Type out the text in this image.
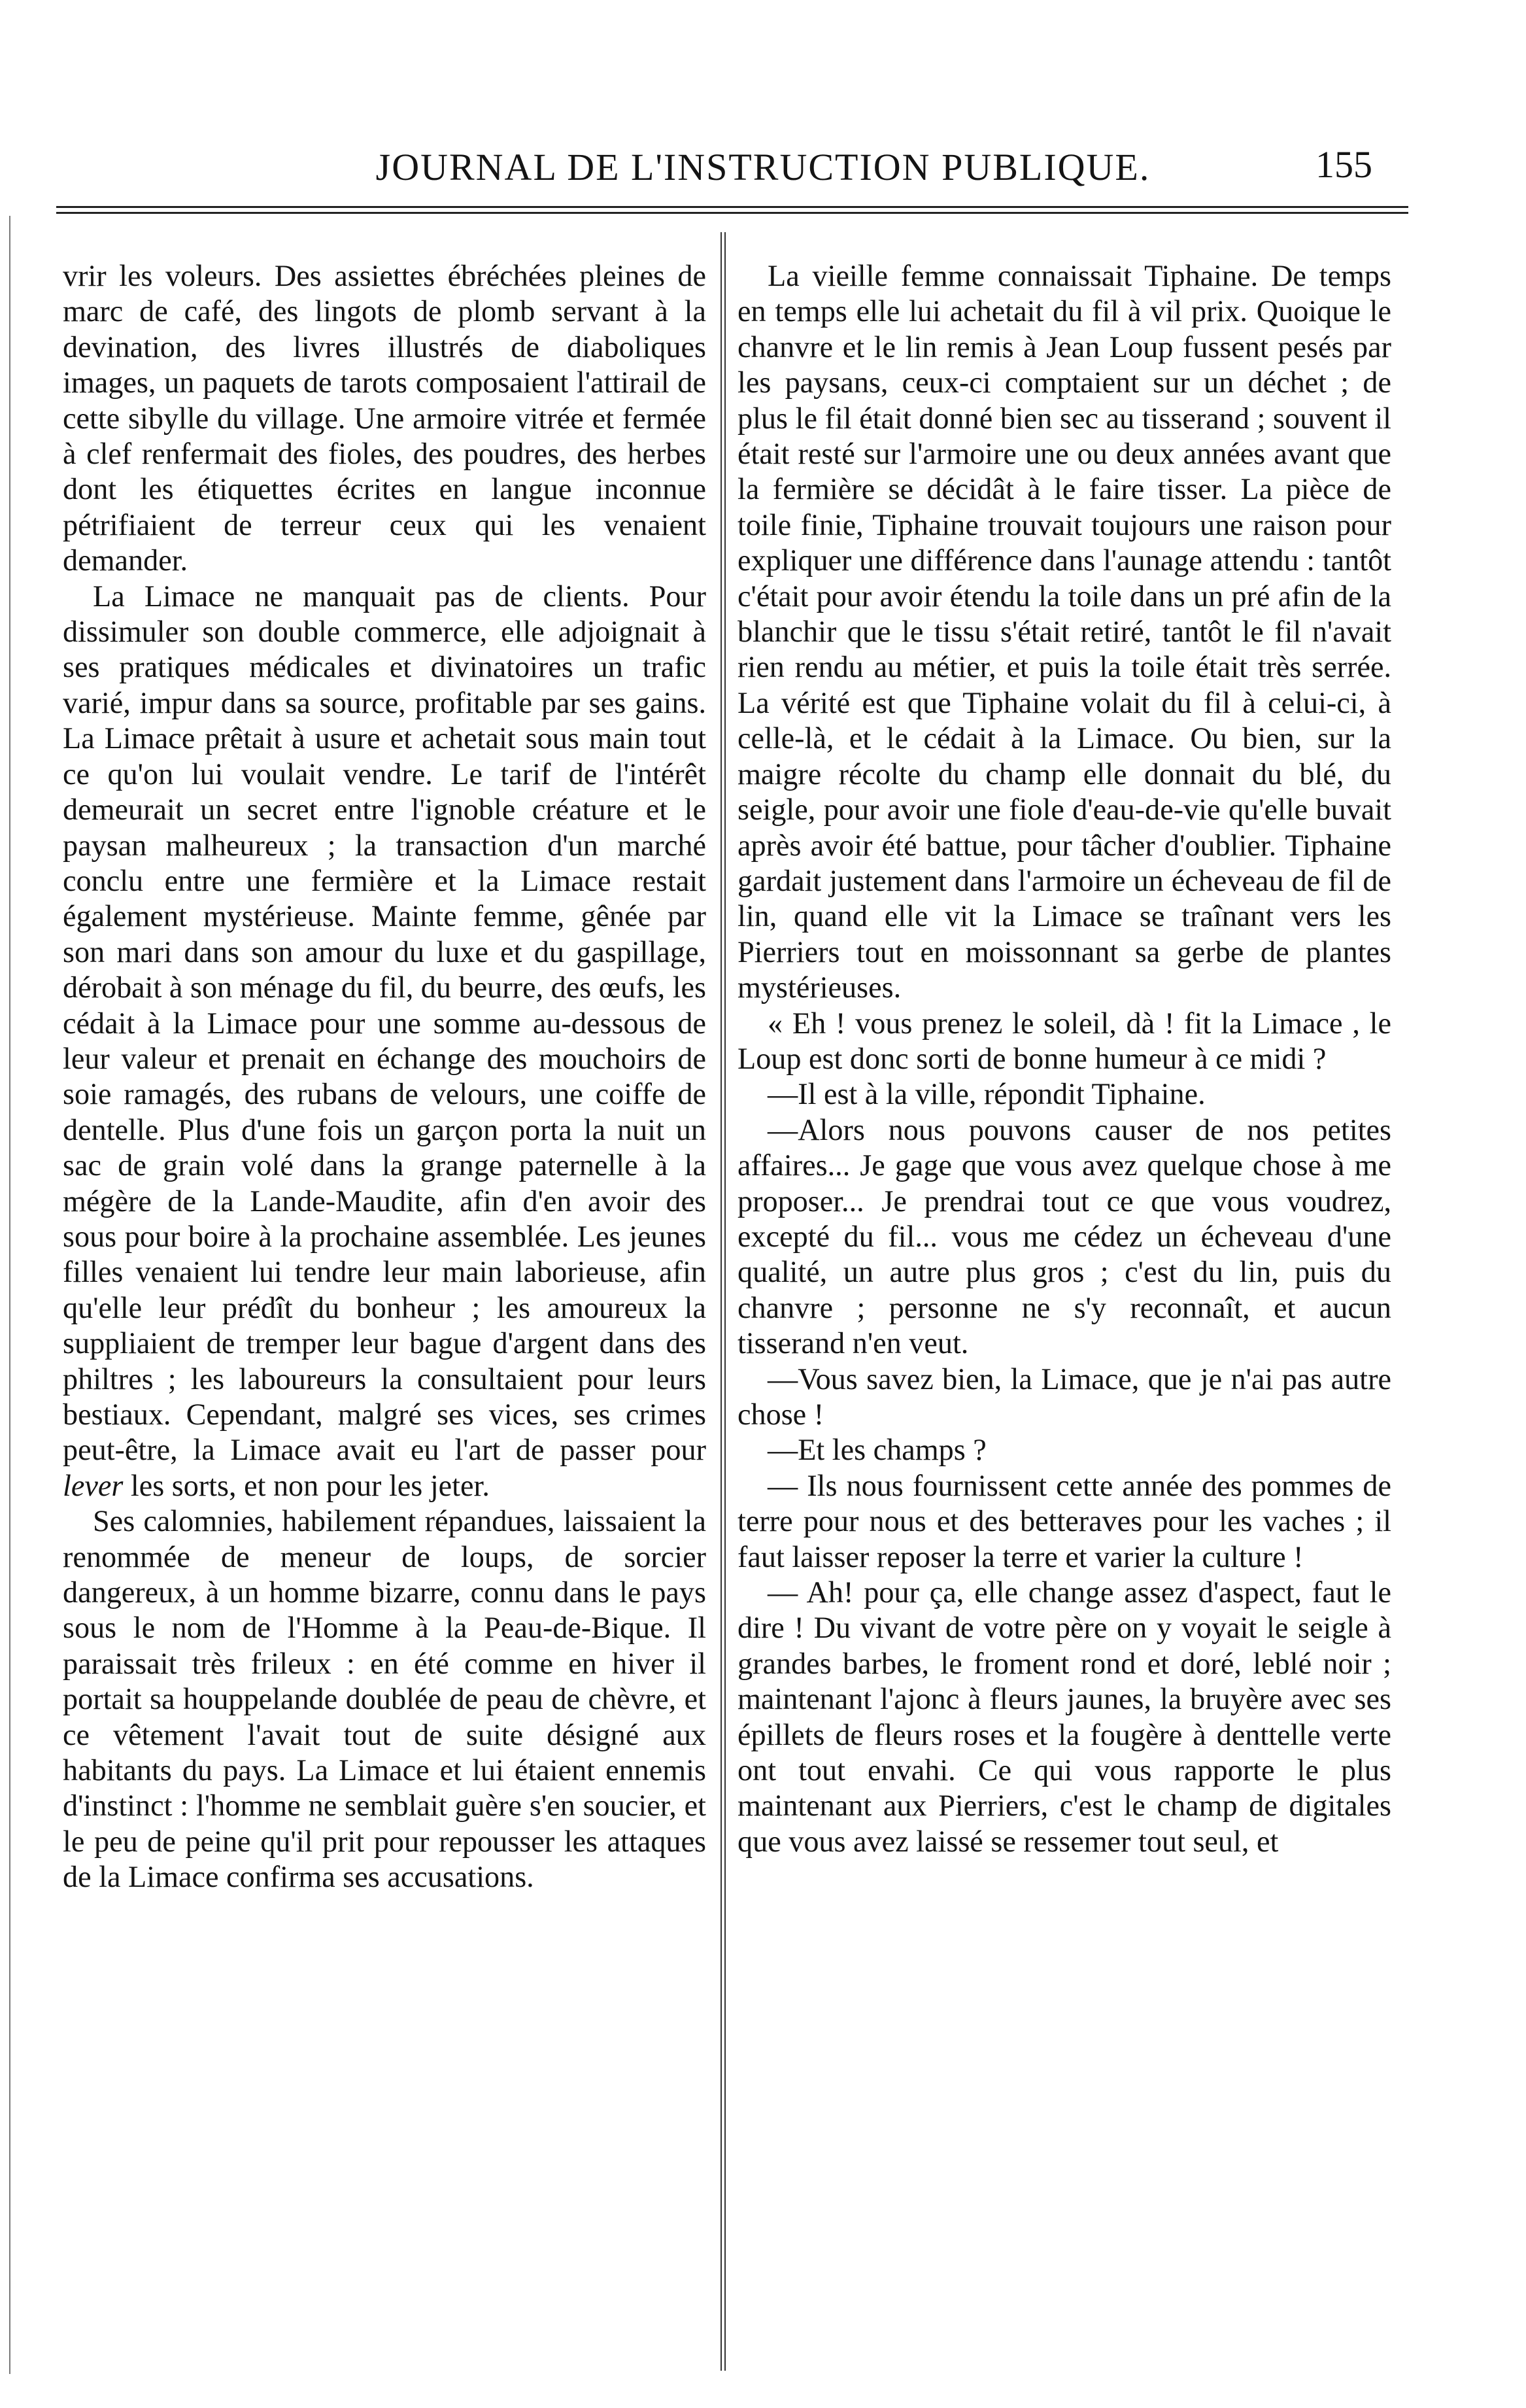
JOURNAL DE L'INSTRUCTION PUBLIQUE.	155

vrir les voleurs. Des assiettes ébréchées pleines de marc de café, des lingots de plomb servant à la devination, des livres illustrés de diaboliques images, un paquets de tarots composaient l'attirail de cette sibylle du village. Une armoire vitrée et fermée à clef renfermait des fioles, des poudres, des herbes dont les étiquettes écrites en langue inconnue pétrifiaient de terreur ceux qui les venaient demander.

La Limace ne manquait pas de clients. Pour dissimuler son double commerce, elle adjoignait à ses pratiques médicales et divinatoires un trafic varié, impur dans sa source, profitable par ses gains. La Limace prêtait à usure et achetait sous main tout ce qu'on lui voulait vendre. Le tarif de l'intérêt demeurait un secret entre l'ignoble créature et le paysan malheureux ; la transaction d'un marché conclu entre une fermière et la Limace restait également mystérieuse. Mainte femme, gênée par son mari dans son amour du luxe et du gaspillage, dérobait à son ménage du fil, du beurre, des œufs, les cédait à la Limace pour une somme au-dessous de leur valeur et prenait en échange des mouchoirs de soie ramagés, des rubans de velours, une coiffe de dentelle. Plus d'une fois un garçon porta la nuit un sac de grain volé dans la grange paternelle à la mégère de la Lande-Maudite, afin d'en avoir des sous pour boire à la prochaine assemblée. Les jeunes filles venaient lui tendre leur main laborieuse, afin qu'elle leur prédît du bonheur ; les amoureux la suppliaient de tremper leur bague d'argent dans des philtres ; les laboureurs la consultaient pour leurs bestiaux. Cependant, malgré ses vices, ses crimes peut-être, la Limace avait eu l'art de passer pour lever les sorts, et non pour les jeter.

Ses calomnies, habilement répandues, laissaient la renommée de meneur de loups, de sorcier dangereux, à un homme bizarre, connu dans le pays sous le nom de l'Homme à la Peau-de-Bique. Il paraissait très frileux : en été comme en hiver il portait sa houppelande doublée de peau de chèvre, et ce vêtement l'avait tout de suite désigné aux habitants du pays. La Limace et lui étaient ennemis d'instinct : l'homme ne semblait guère s'en soucier, et le peu de peine qu'il prit pour repousser les attaques de la Limace confirma ses accusations.

La vieille femme connaissait Tiphaine. De temps en temps elle lui achetait du fil à vil prix. Quoique le chanvre et le lin remis à Jean Loup fussent pesés par les paysans, ceux-ci comptaient sur un déchet ; de plus le fil était donné bien sec au tisserand ; souvent il était resté sur l'armoire une ou deux années avant que la fermière se décidât à le faire tisser. La pièce de toile finie, Tiphaine trouvait toujours une raison pour expliquer une différence dans l'aunage attendu : tantôt c'était pour avoir étendu la toile dans un pré afin de la blanchir que le tissu s'était retiré, tantôt le fil n'avait rien rendu au métier, et puis la toile était très serrée. La vérité est que Tiphaine volait du fil à celui-ci, à celle-là, et le cédait à la Limace. Ou bien, sur la maigre récolte du champ elle donnait du blé, du seigle, pour avoir une fiole d'eau-de-vie qu'elle buvait après avoir été battue, pour tâcher d'oublier. Tiphaine gardait justement dans l'armoire un écheveau de fil de lin, quand elle vit la Limace se traînant vers les Pierriers tout en moissonnant sa gerbe de plantes mystérieuses.

« Eh ! vous prenez le soleil, dà ! fit la Limace , le Loup est donc sorti de bonne humeur à ce midi ?

—Il est à la ville, répondit Tiphaine.

—Alors nous pouvons causer de nos petites affaires... Je gage que vous avez quelque chose à me proposer... Je prendrai tout ce que vous voudrez, excepté du fil... vous me cédez un écheveau d'une qualité, un autre plus gros ; c'est du lin, puis du chanvre ; personne ne s'y reconnaît, et aucun tisserand n'en veut.

—Vous savez bien, la Limace, que je n'ai pas autre chose !

—Et les champs ?

— Ils nous fournissent cette année des pommes de terre pour nous et des betteraves pour les vaches ; il faut laisser reposer la terre et varier la culture !

— Ah! pour ça, elle change assez d'aspect, faut le dire ! Du vivant de votre père on y voyait le seigle à grandes barbes, le froment rond et doré, leblé noir ; maintenant l'ajonc à fleurs jaunes, la bruyère avec ses épillets de fleurs roses et la fougère à denttelle verte ont tout envahi. Ce qui vous rapporte le plus maintenant aux Pierriers, c'est le champ de digitales que vous avez laissé se ressemer tout seul, et
